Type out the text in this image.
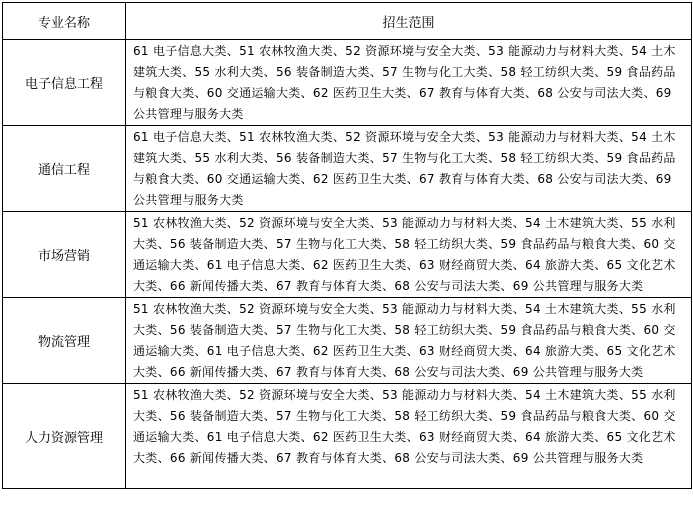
专业名称	招生范围
电子信息工程	61 电子信息大类、51 农林牧渔大类、52 资源环境与安全大类、53 能源动力与材料大类、54 土木建筑大类、55 水利大类、56 装备制造大类、57 生物与化工大类、58 轻工纺织大类、59 食品药品与粮食大类、60 交通运输大类、62 医药卫生大类、67 教育与体育大类、68 公安与司法大类、69 公共管理与服务大类
通信工程	61 电子信息大类、51 农林牧渔大类、52 资源环境与安全大类、53 能源动力与材料大类、54 土木建筑大类、55 水利大类、56 装备制造大类、57 生物与化工大类、58 轻工纺织大类、59 食品药品与粮食大类、60 交通运输大类、62 医药卫生大类、67 教育与体育大类、68 公安与司法大类、69 公共管理与服务大类
市场营销	51 农林牧渔大类、52 资源环境与安全大类、53 能源动力与材料大类、54 土木建筑大类、55 水利大类、56 装备制造大类、57 生物与化工大类、58 轻工纺织大类、59 食品药品与粮食大类、60 交通运输大类、61 电子信息大类、62 医药卫生大类、63 财经商贸大类、64 旅游大类、65 文化艺术大类、66 新闻传播大类、67 教育与体育大类、68 公安与司法大类、69 公共管理与服务大类
物流管理	51 农林牧渔大类、52 资源环境与安全大类、53 能源动力与材料大类、54 土木建筑大类、55 水利大类、56 装备制造大类、57 生物与化工大类、58 轻工纺织大类、59 食品药品与粮食大类、60 交通运输大类、61 电子信息大类、62 医药卫生大类、63 财经商贸大类、64 旅游大类、65 文化艺术大类、66 新闻传播大类、67 教育与体育大类、68 公安与司法大类、69 公共管理与服务大类
人力资源管理	51 农林牧渔大类、52 资源环境与安全大类、53 能源动力与材料大类、54 土木建筑大类、55 水利大类、56 装备制造大类、57 生物与化工大类、58 轻工纺织大类、59 食品药品与粮食大类、60 交通运输大类、61 电子信息大类、62 医药卫生大类、63 财经商贸大类、64 旅游大类、65 文化艺术大类、66 新闻传播大类、67 教育与体育大类、68 公安与司法大类、69 公共管理与服务大类
